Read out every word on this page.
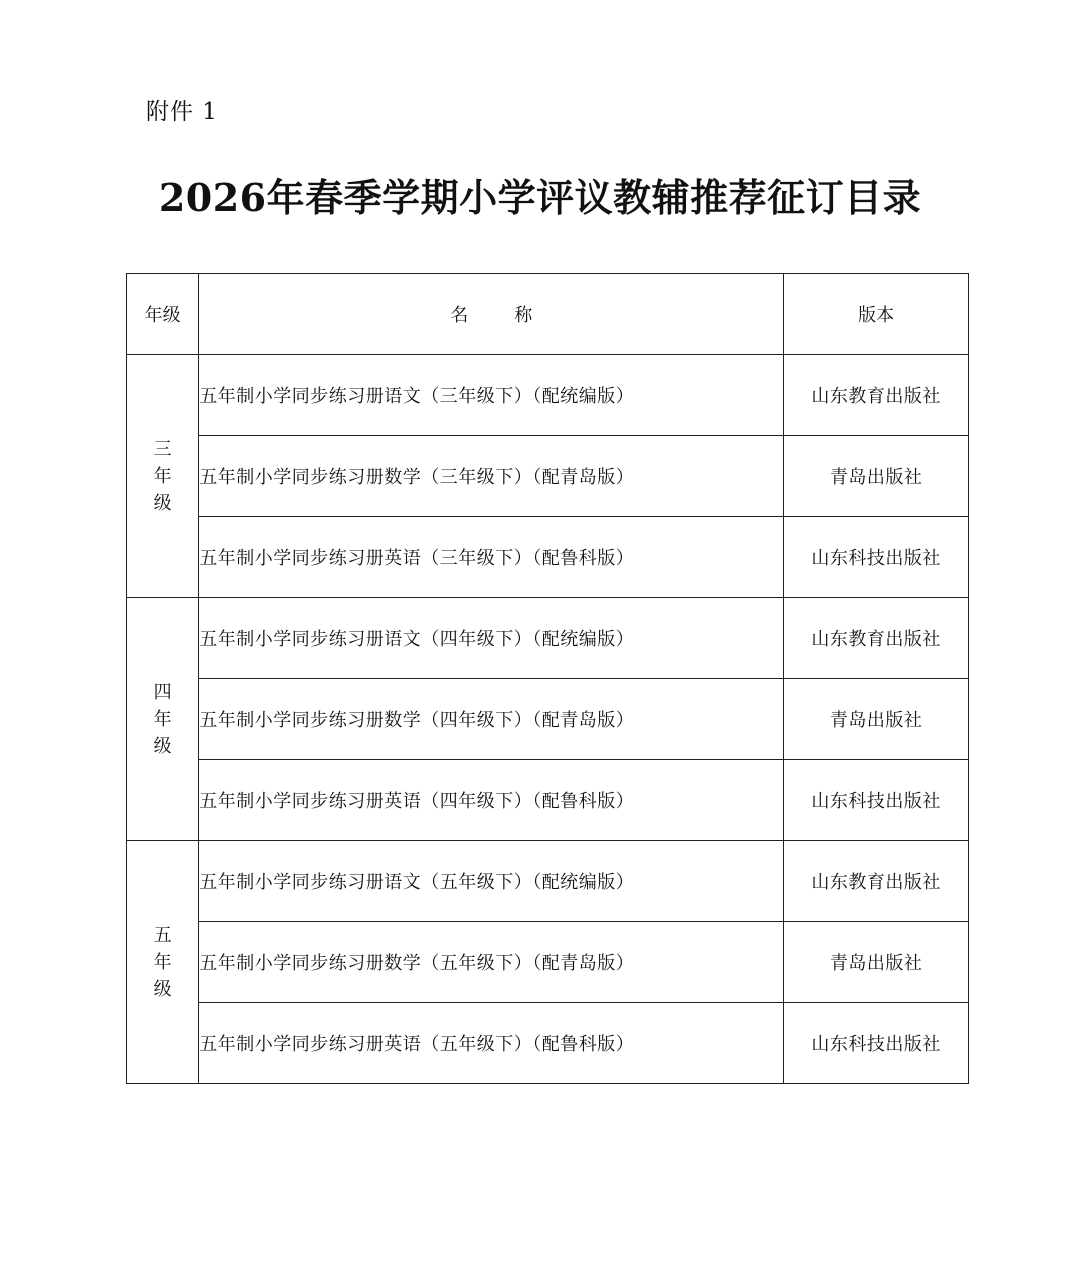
附件 1
2026年春季学期小学评议教辅推荐征订目录
年级	名称	版本
三年级	五年制小学同步练习册语文（三年级下）（配统编版）	山东教育出版社
	五年制小学同步练习册数学（三年级下）（配青岛版）	青岛出版社
	五年制小学同步练习册英语（三年级下）（配鲁科版）	山东科技出版社
四年级	五年制小学同步练习册语文（四年级下）（配统编版）	山东教育出版社
	五年制小学同步练习册数学（四年级下）（配青岛版）	青岛出版社
	五年制小学同步练习册英语（四年级下）（配鲁科版）	山东科技出版社
五年级	五年制小学同步练习册语文（五年级下）（配统编版）	山东教育出版社
	五年制小学同步练习册数学（五年级下）（配青岛版）	青岛出版社
	五年制小学同步练习册英语（五年级下）（配鲁科版）	山东科技出版社
